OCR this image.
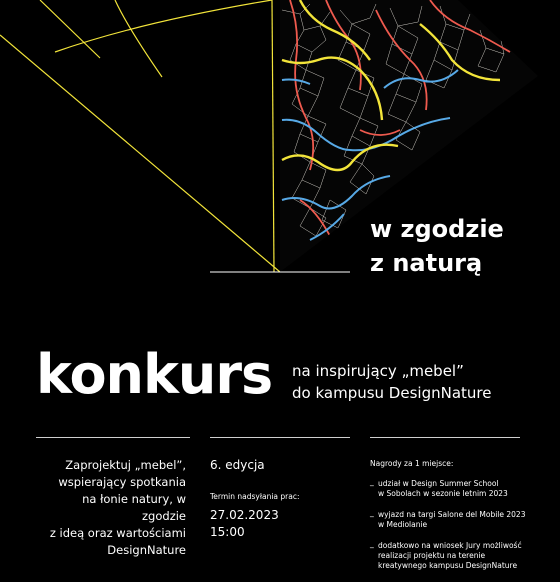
w zgodzie
z naturą
konkurs na inspirujący „mebel”
do kampusu DesignNature
Zaprojektuj „mebel”,
wspierający spotkania
na łonie natury, w zgodzie
z ideą oraz wartościami
DesignNature
6. edycja
Termin nadsyłania prac:
27.02.2023
15:00
Nagrody za 1 miejsce:
_ udział w Design Summer School
w Sobolach w sezonie letnim 2023
_ wyjazd na targi Salone del Mobile 2023
w Mediolanie
_ dodatkowo na wniosek Jury możliwość
realizacji projektu na terenie
kreatywnego kampusu DesignNature
